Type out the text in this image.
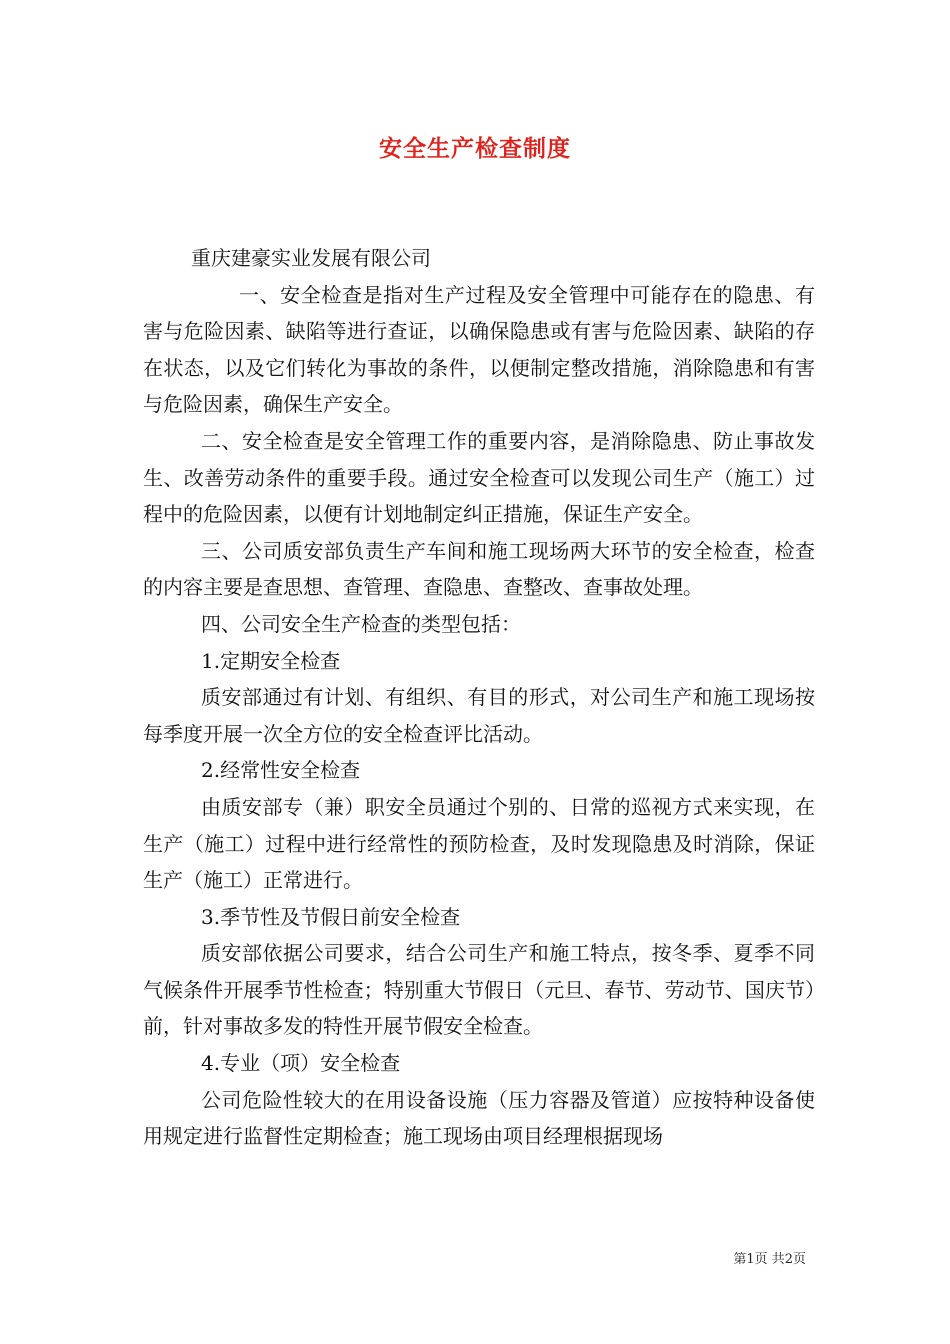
安全生产检查制度

重庆建豪实业发展有限公司

一、安全检查是指对生产过程及安全管理中可能存在的隐患、有害与危险因素、缺陷等进行查证，以确保隐患或有害与危险因素、缺陷的存在状态，以及它们转化为事故的条件，以便制定整改措施，消除隐患和有害与危险因素，确保生产安全。

二、安全检查是安全管理工作的重要内容，是消除隐患、防止事故发生、改善劳动条件的重要手段。通过安全检查可以发现公司生产（施工）过程中的危险因素，以便有计划地制定纠正措施，保证生产安全。

三、公司质安部负责生产车间和施工现场两大环节的安全检查，检查的内容主要是查思想、查管理、查隐患、查整改、查事故处理。

四、公司安全生产检查的类型包括：

1.定期安全检查

质安部通过有计划、有组织、有目的形式，对公司生产和施工现场按每季度开展一次全方位的安全检查评比活动。

2.经常性安全检查

由质安部专（兼）职安全员通过个别的、日常的巡视方式来实现，在生产（施工）过程中进行经常性的预防检查，及时发现隐患及时消除，保证生产（施工）正常进行。

3.季节性及节假日前安全检查

质安部依据公司要求，结合公司生产和施工特点，按冬季、夏季不同气候条件开展季节性检查；特别重大节假日（元旦、春节、劳动节、国庆节）前，针对事故多发的特性开展节假安全检查。

4.专业（项）安全检查

公司危险性较大的在用设备设施（压力容器及管道）应按特种设备使用规定进行监督性定期检查；施工现场由项目经理根据现场

第1页 共2页
